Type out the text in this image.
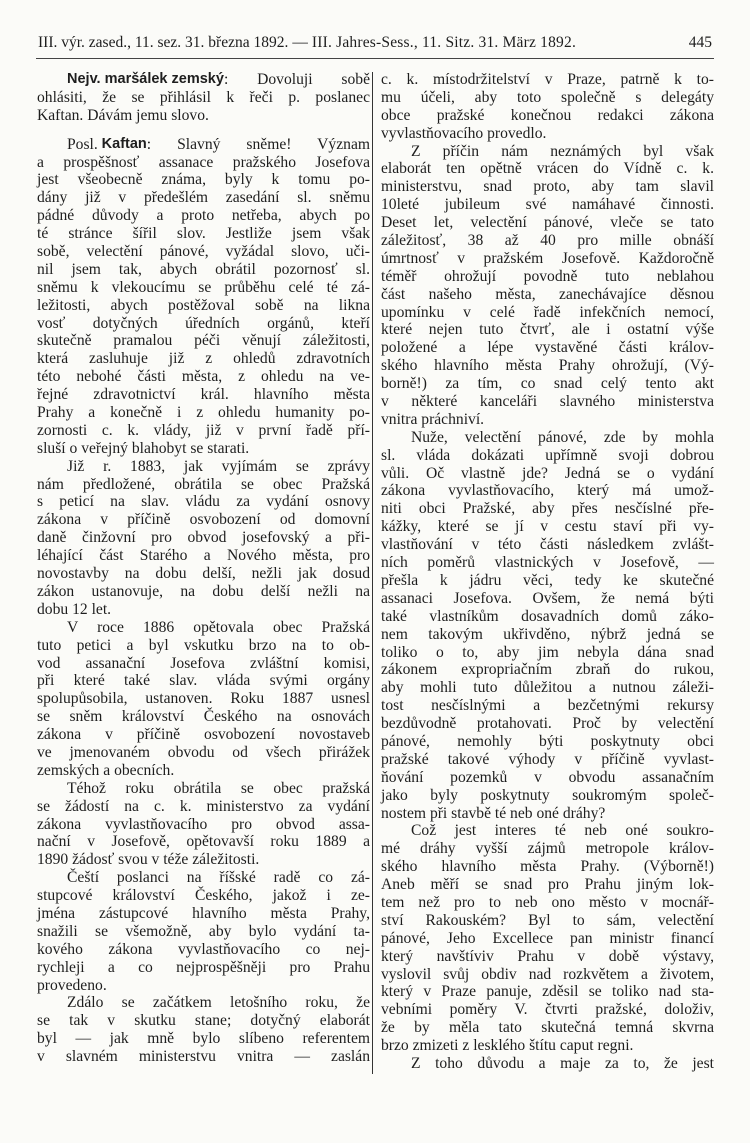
III. výr. zased., 11. sez. 31. března 1892. — III. Jahres-Sess., 11. Sitz. 31. März 1892.	445
Nejv. maršálek zemský : Dovoluji sobě
ohlásiti, že se přihlásil k řeči p. poslanec
Kaftan. Dávám jemu slovo.
Posl. Kaftan : Slavný sněme! Význam
a prospěšnosť assanace pražského Josefova
jest všeobecně známa, byly k tomu po-
dány již v předešlém zasedání sl. sněmu
pádné důvody a proto netřeba, abych po
té stránce šířil slov. Jestliže jsem však
sobě, velectění pánové, vyžádal slovo, uči-
nil jsem tak, abych obrátil pozornosť sl.
sněmu k vlekoucímu se průběhu celé té zá-
ležitosti, abych postěžoval sobě na likna
vosť dotyčných úředních orgánů, kteří
skutečně pramalou péči věnují záležitosti,
která zasluhuje již z ohledů zdravotních
této nebohé části města, z ohledu na ve-
řejné zdravotnictví král. hlavního města
Prahy a konečně i z ohledu humanity po-
zornosti c. k. vlády, již v první řadě pří-
sluší o veřejný blahobyt se starati.
Již r. 1883, jak vyjímám se zprávy
nám předložené, obrátila se obec Pražská
s peticí na slav. vládu za vydání osnovy
zákona v příčině osvobození od domovní
daně činžovní pro obvod josefovský a při-
léhající část Starého a Nového města, pro
novostavby na dobu delší, nežli jak dosud
zákon ustanovuje, na dobu delší nežli na
dobu 12 let.
V roce 1886 opětovala obec Pražská
tuto petici a byl vskutku brzo na to ob-
vod assanační Josefova zvláštní komisi,
při které také slav. vláda svými orgány
spolupůsobila, ustanoven. Roku 1887 usnesl
se sněm království Českého na osnovách
zákona v příčině osvobození novostaveb
ve jmenovaném obvodu od všech přirážek
zemských a obecních.
Téhož roku obrátila se obec pražská
se žádostí na c. k. ministerstvo za vydání
zákona vyvlastňovacího pro obvod assa-
nační v Josefově, opětovavší roku 1889 a
1890 žádosť svou v téže záležitosti.
Čeští poslanci na říšské radě co zá-
stupcové království Českého, jakož i ze-
jména zástupcové hlavního města Prahy,
snažili se všemožně, aby bylo vydání ta-
kového zákona vyvlastňovacího co nej-
rychleji a co nejprospěšněji pro Prahu
provedeno.
Zdálo se začátkem letošního roku, že
se tak v skutku stane; dotyčný elaborát
byl — jak mně bylo slíbeno referentem
v slavném ministerstvu vnitra — zaslán
c. k. místodržitelství v Praze, patrně k to-
mu účeli, aby toto společně s delegáty
obce pražské konečnou redakci zákona
vyvlastňovacího provedlo.
Z příčin nám neznámých byl však
elaborát ten opětně vrácen do Vídně c. k.
ministerstvu, snad proto, aby tam slavil
10leté jubileum své namáhavé činnosti.
Deset let, velectění pánové, vleče se tato
záležitosť, 38 až 40 pro mille obnáší
úmrtnosť v pražském Josefově. Každoročně
téměř ohrožují povodně tuto neblahou
část našeho města, zanechávajíce děsnou
upomínku v celé řadě infekčních nemocí,
které nejen tuto čtvrť, ale i ostatní výše
položené a lépe vystavěné části králov-
ského hlavního města Prahy ohrožují, (Vý-
borně!) za tím, co snad celý tento akt
v některé kanceláři slavného ministerstva
vnitra práchniví.
Nuže, velectění pánové, zde by mohla
sl. vláda dokázati upřímně svoji dobrou
vůli. Oč vlastně jde? Jedná se o vydání
zákona vyvlastňovacího, který má umož-
niti obci Pražské, aby přes nesčíslné pře-
kážky, které se jí v cestu staví při vy-
vlastňování v této části následkem zvlášt-
ních poměrů vlastnických v Josefově, —
přešla k jádru věci, tedy ke skutečné
assanaci Josefova. Ovšem, že nemá býti
také vlastníkům dosavadních domů záko-
nem takovým ukřivděno, nýbrž jedná se
toliko o to, aby jim nebyla dána snad
zákonem expropriačním zbraň do rukou,
aby mohli tuto důležitou a nutnou záleži-
tost nesčíslnými a bezčetnými rekursy
bezdůvodně protahovati. Proč by velectění
pánové, nemohly býti poskytnuty obci
pražské takové výhody v příčině vyvlast-
ňování pozemků v obvodu assanačním
jako byly poskytnuty soukromým společ-
nostem při stavbě té neb oné dráhy?
Což jest interes té neb oné soukro-
mé dráhy vyšší zájmů metropole králov-
ského hlavního města Prahy. (Výborně!)
Aneb měří se snad pro Prahu jiným lok-
tem než pro to neb ono město v mocnář-
ství Rakouském? Byl to sám, velectění
pánové, Jeho Excellece pan ministr financí
který navštíviv Prahu v době výstavy,
vyslovil svůj obdiv nad rozkvětem a životem,
který v Praze panuje, zděsil se toliko nad sta-
vebními poměry V. čtvrti pražské, doloživ,
že by měla tato skutečná temná skvrna
brzo zmizeti z lesklého štítu caput regni.
Z toho důvodu a maje za to, že jest
